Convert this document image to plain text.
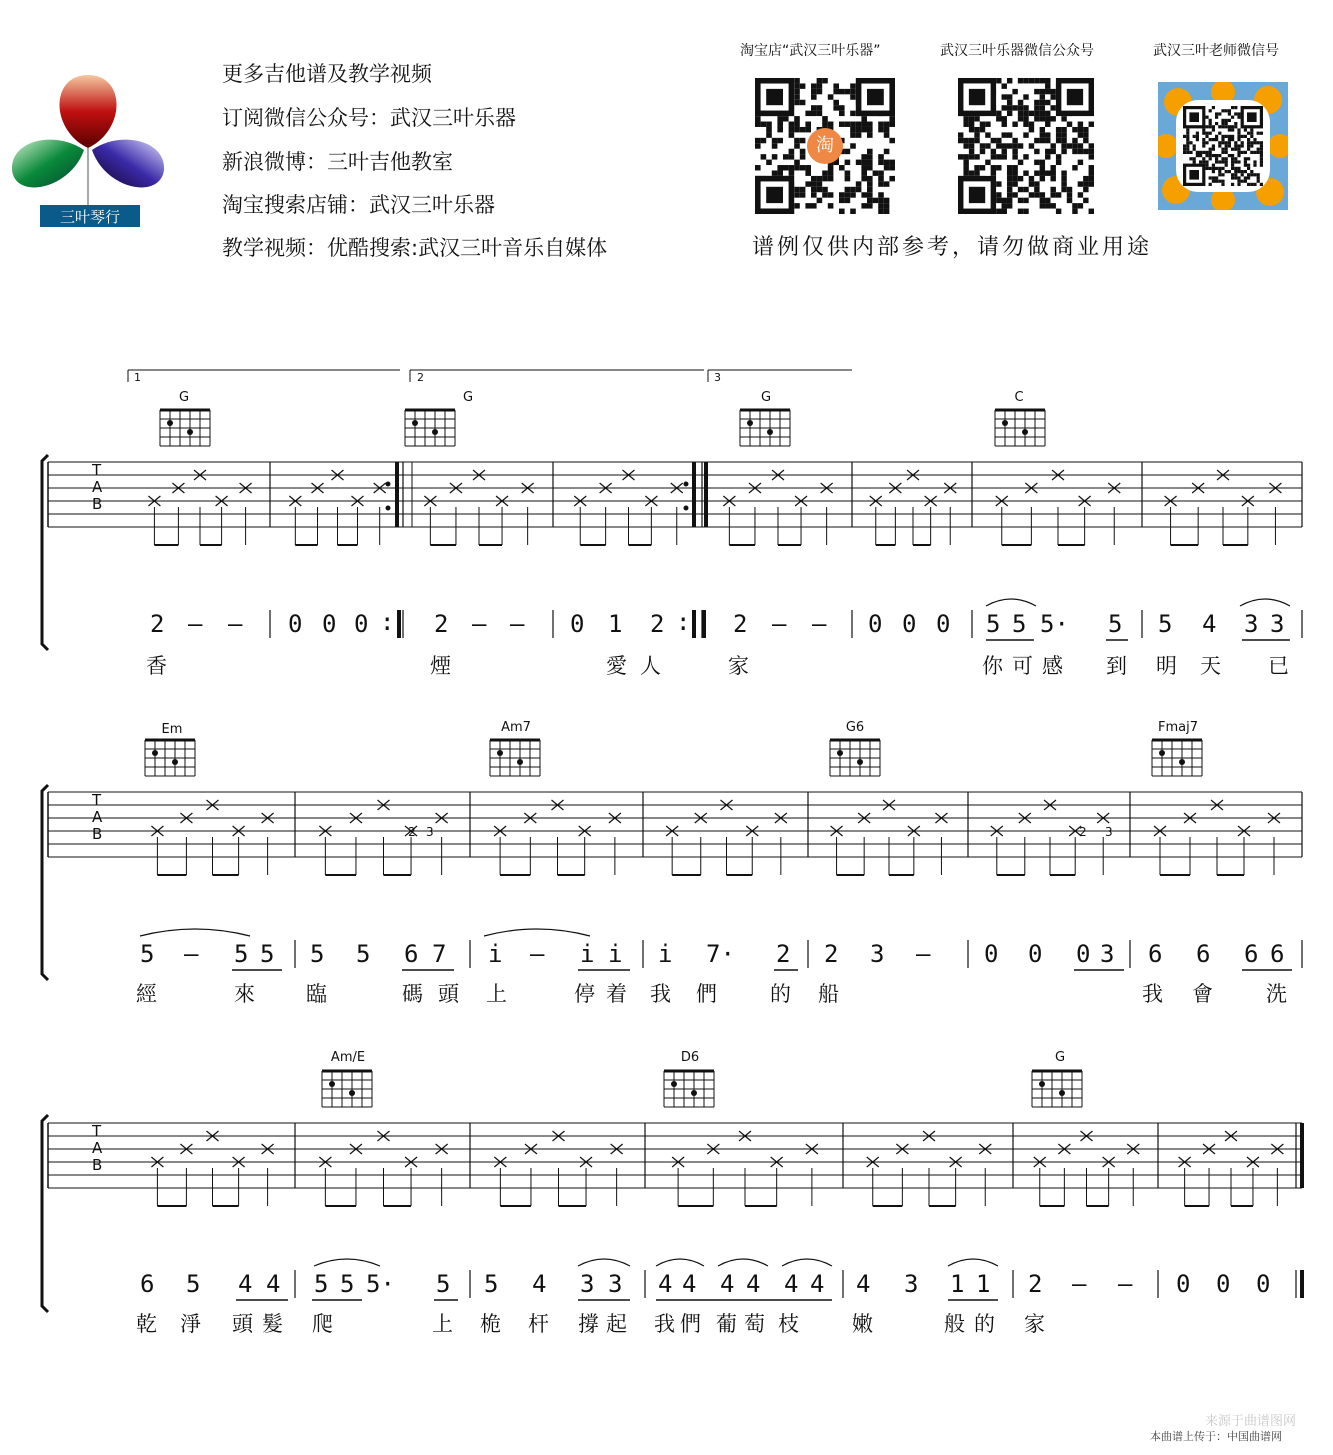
三叶琴行
更多吉他谱及教学视频
订阅微信公众号：武汉三叶乐器
新浪微博：三叶吉他教室
淘宝搜索店铺：武汉三叶乐器
教学视频：优酷搜索:武汉三叶音乐自媒体
淘宝店“武汉三叶乐器”	武汉三叶乐器微信公众号	武汉三叶老师微信号
淘
谱例仅供内部参考，请勿做商业用途
1	2	3
G	G	G	C
Em	Am7	G6	Fmaj7
Am/E	D6	G
T
A
B
T
A
B
T
A
B
2 3	2 3
2 – – 0 0 0 : 2 – – 0 1 2 : 2 – – 0 0 0 5 5 5· 5 5 4 3 3
香	煙	愛 人	家	你 可 感 到 明 天 已
5 – 5 5 5 5 6 7 i – i i i 7· 2 2 3 – 0 0 0 3 6 6 6 6
經	來 臨	碼 頭 上	停 着 我 們	的 船	我 會	洗
6 5 4 4 5 5 5· 5 5 4 3 3 4 4 4 4 4 4 4 3 1 1 2 – – 0 0 0
乾 淨 頭 髮 爬	上 桅 杆 撐 起 我 們 葡 萄 枝	嫩	般 的 家
来源于曲谱图网
本曲谱上传于：中国曲谱网
